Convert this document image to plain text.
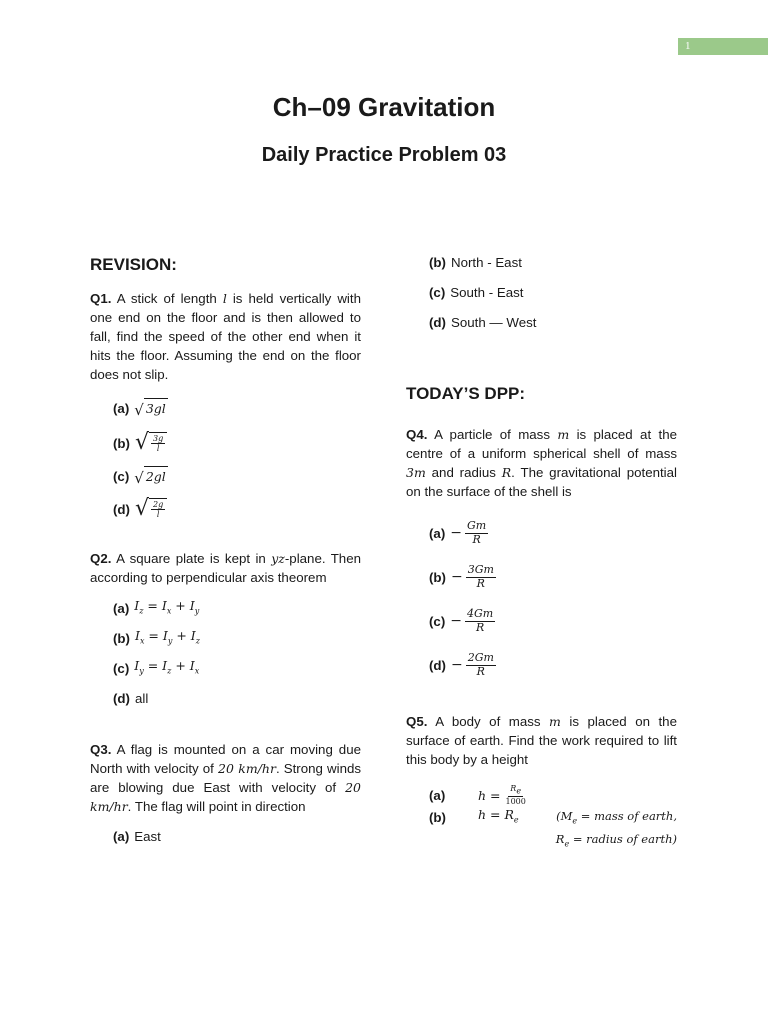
1
Ch–09 Gravitation
Daily Practice Problem 03

REVISION:

Q1. A stick of length l is held vertically with one end on the floor and is then allowed to fall, find the speed of the other end when it hits the floor. Assuming the end on the floor does not slip.

(a) √ 3gl
(b) √ $\frac{3g}{l}$
(c) √ 2gl
(d) √ $\frac{2g}{l}$

Q2. A square plate is kept in yz-plane. Then according to perpendicular axis theorem

(a) $I_z = I_x + I_y$
(b) $I_x = I_y + I_z$
(c) $I_y = I_z + I_x$
(d) all

Q3. A flag is mounted on a car moving due North with velocity of 20 km/hr. Strong winds are blowing due East with velocity of 20 km/hr. The flag will point in direction

(a) East
(b) North - East
(c) South - East
(d) South — West

TODAY’S DPP:

Q4. A particle of mass m is placed at the centre of a uniform spherical shell of mass 3m and radius R. The gravitational potential on the surface of the shell is

$(a) - \frac{Gm}{R}$
$(b) - \frac{3Gm}{R}$
$(c) - \frac{4Gm}{R}$
$(d) - \frac{2Gm}{R}$

Q5. A body of mass m is placed on the surface of earth. Find the work required to lift this body by a height

(a)	$h = \frac{R_e}{1000}$
(b)	$h = R_e$	($M_e$ = mass of earth,
$R_e$ = radius of earth)
